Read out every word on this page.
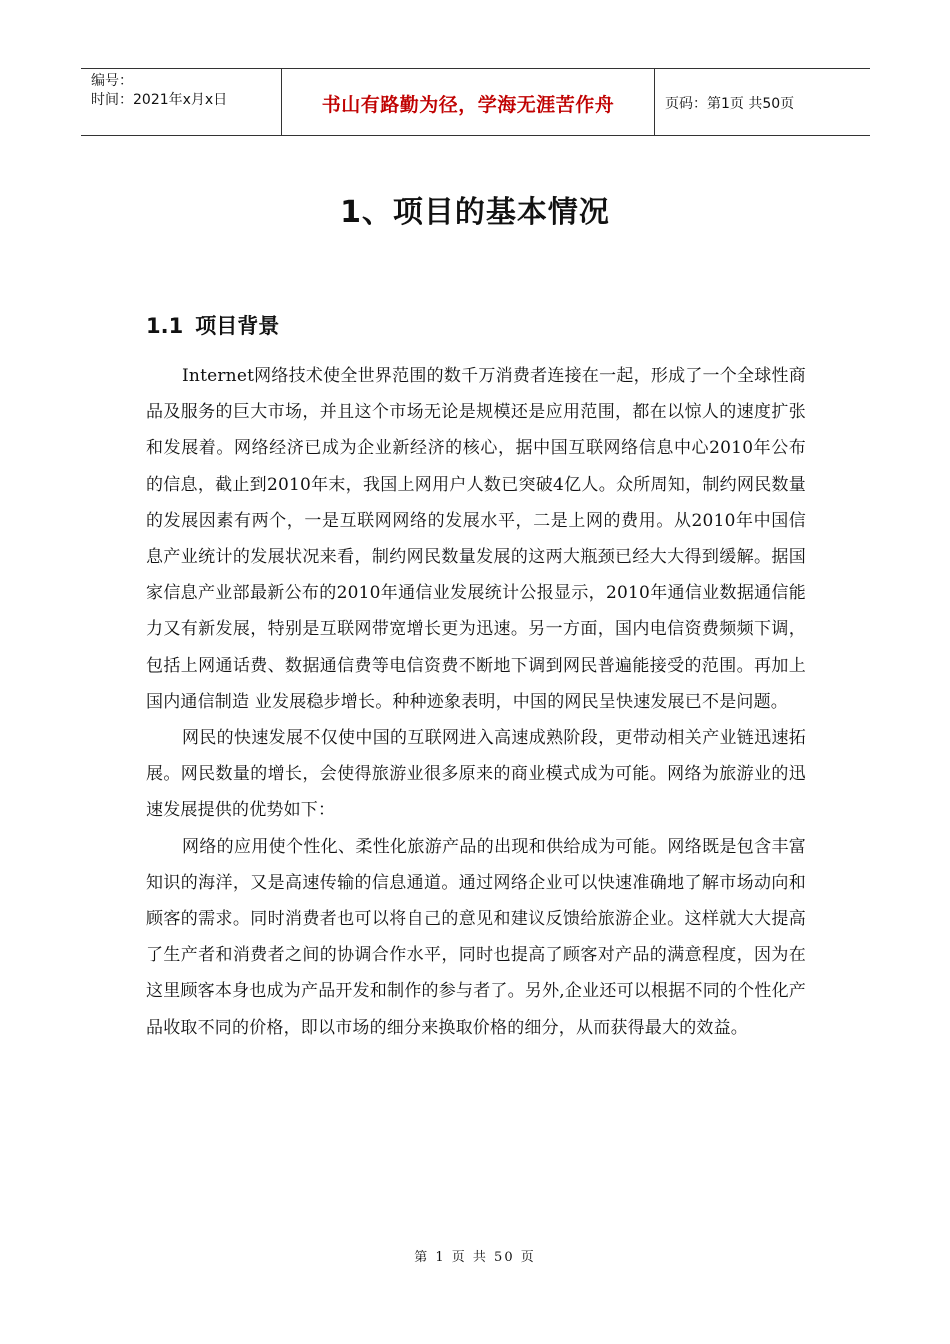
编号：
时间：2021年x月x日	书山有路勤为径，学海无涯苦作舟	页码：第1页 共50页
1、项目的基本情况
1.1 项目背景

Internet网络技术使全世界范围的数千万消费者连接在一起，形成了一个全球性商品及服务的巨大市场，并且这个市场无论是规模还是应用范围，都在以惊人的速度扩张和发展着。网络经济已成为企业新经济的核心，据中国互联网络信息中心2010年公布的信息，截止到2010年末，我国上网用户人数已突破4亿人。众所周知，制约网民数量的发展因素有两个，一是互联网网络的发展水平，二是上网的费用。从2010年中国信息产业统计的发展状况来看，制约网民数量发展的这两大瓶颈已经大大得到缓解。据国家信息产业部最新公布的2010年通信业发展统计公报显示，2010年通信业数据通信能力又有新发展，特别是互联网带宽增长更为迅速。另一方面，国内电信资费频频下调，包括上网通话费、数据通信费等电信资费不断地下调到网民普遍能接受的范围。再加上国内通信制造 业发展稳步增长。种种迹象表明，中国的网民呈快速发展已不是问题。

网民的快速发展不仅使中国的互联网进入高速成熟阶段，更带动相关产业链迅速拓展。网民数量的增长，会使得旅游业很多原来的商业模式成为可能。网络为旅游业的迅速发展提供的优势如下：

网络的应用使个性化、柔性化旅游产品的出现和供给成为可能。网络既是包含丰富知识的海洋，又是高速传输的信息通道。通过网络企业可以快速准确地了解市场动向和顾客的需求。同时消费者也可以将自己的意见和建议反馈给旅游企业。这样就大大提高了生产者和消费者之间的协调合作水平，同时也提高了顾客对产品的满意程度，因为在这里顾客本身也成为产品开发和制作的参与者了。另外,企业还可以根据不同的个性化产品收取不同的价格，即以市场的细分来换取价格的细分，从而获得最大的效益。

第 1 页 共 50 页
